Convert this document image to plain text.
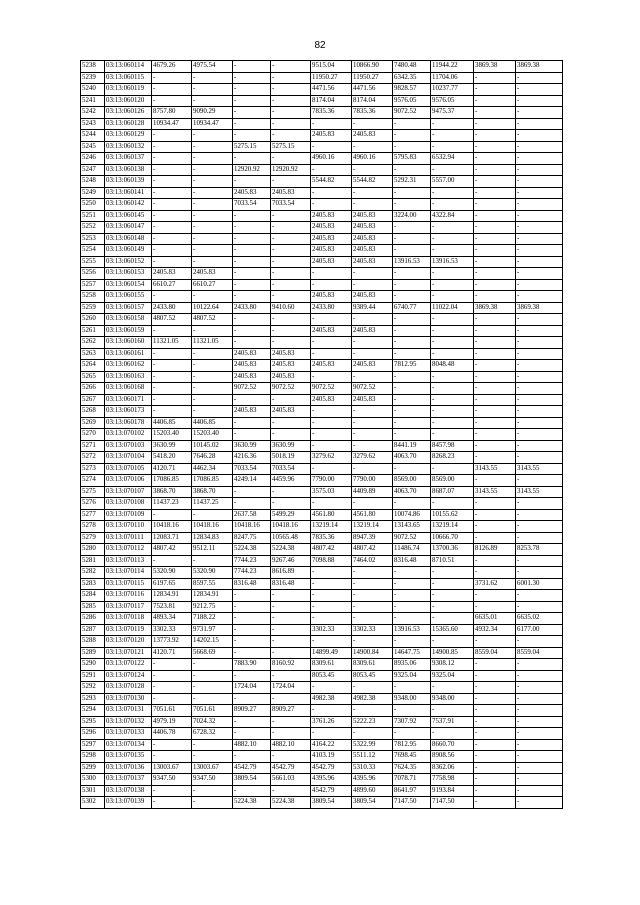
82
5238	03:13:060114	4679.26	4975.54	-	-	9515.04	10866.90	7480.48	11944.22	3869.38	3869.38
5239	03:13:060115	-	-	-	-	11950.27	11950.27	6342.35	11704.06	-	-
5240	03:13:060119	-	-	-	-	4471.56	4471.56	9828.57	10237.77	-	-
5241	03:13:060120	-	-	-	-	8174.04	8174.04	9576.05	9576.05	-	-
5242	03:13:060126	8757.80	9090.29	-	-	7835.36	7835.36	9072.52	9475.37	-	-
5243	03:13:060128	10934.47	10934.47	-	-	-	-	-	-	-	-
5244	03:13:060129	-	-	-	-	2405.83	2405.83	-	-	-	-
5245	03:13:060132	-	-	5275.15	5275.15	-	-	-	-	-	-
5246	03:13:060137	-	-	-	-	4960.16	4960.16	5795.83	6532.94	-	-
5247	03:13:060138	-	-	12920.92	12920.92	-	-	-	-	-	-
5248	03:13:060139	-	-	-	-	5544.82	5544.82	5292.31	5557.00	-	-
5249	03:13:060141	-	-	2405.83	2405.83	-	-	-	-	-	-
5250	03:13:060142	-	-	7033.54	7033.54	-	-	-	-	-	-
5251	03:13:060145	-	-	-	-	2405.83	2405.83	3224.00	4322.84	-	-
5252	03:13:060147	-	-	-	-	2405.83	2405.83	-	-	-	-
5253	03:13:060148	-	-	-	-	2405.83	2405.83	-	-	-	-
5254	03:13:060149	-	-	-	-	2405.83	2405.83	-	-	-	-
5255	03:13:060152	-	-	-	-	2405.83	2405.83	13916.53	13916.53	-	-
5256	03:13:060153	2405.83	2405.83	-	-	-	-	-	-	-	-
5257	03:13:060154	6610.27	6610.27	-	-	-	-	-	-	-	-
5258	03:13:060155	-	-	-	-	2405.83	2405.83	-	-	-	-
5259	03:13:060157	2433.80	10122.64	2433.80	9410.60	2433.80	9389.44	6740.77	11022.04	3869.38	3869.38
5260	03:13:060158	4807.52	4807.52	-	-	-	-	-	-	-	-
5261	03:13:060159	-	-	-	-	2405.83	2405.83	-	-	-	-
5262	03:13:060160	11321.05	11321.05	-	-	-	-	-	-	-	-
5263	03:13:060161	-	-	2405.83	2405.83	-	-	-	-	-	-
5264	03:13:060162	-	-	2405.83	2405.83	2405.83	2405.83	7812.95	8048.48	-	-
5265	03:13:060163	-	-	2405.83	2405.83	-	-	-	-	-	-
5266	03:13:060168	-	-	9072.52	9072.52	9072.52	9072.52	-	-	-	-
5267	03:13:060171	-	-	-	-	2405.83	2405.83	-	-	-	-
5268	03:13:060173	-	-	2405.83	2405.83	-	-	-	-	-	-
5269	03:13:060178	4406.85	4406.85	-	-	-	-	-	-	-	-
5270	03:13:070102	15203.40	15203.40	-	-	-	-	-	-	-	-
5271	03:13:070103	3630.99	10145.02	3630.99	3630.99	-	-	8441.19	8457.98	-	-
5272	03:13:070104	5418.20	7646.28	4216.36	5018.19	3279.62	3279.62	4063.70	8268.23	-	-
5273	03:13:070105	4120.71	4462.34	7033.54	7033.54	-	-	-	-	3143.55	3143.55
5274	03:13:070106	17086.85	17086.85	4249.14	4459.96	7790.00	7790.00	8569.00	8569.00	-	-
5275	03:13:070107	3868.70	3868.70	-	-	3575.03	4409.89	4063.70	8687.07	3143.55	3143.55
5276	03:13:070108	11437.23	11437.25	-	-	-	-	-	-	-	-
5277	03:13:070109	-	-	2637.58	5499.29	4561.80	4561.80	10074.86	10155.62	-	-
5278	03:13:070110	10418.16	10418.16	10418.16	10418.16	13219.14	13219.14	13143.65	13219.14	-	-
5279	03:13:070111	12083.71	12834.83	8247.75	10565.48	7835.36	8947.39	9072.52	10666.70	-	-
5280	03:13:070112	4807.42	9512.11	5224.38	5224.38	4807.42	4807.42	11486.74	13700.36	8126.89	8253.78
5281	03:13:070113	-	-	7744.23	9267.46	7098.88	7464.02	8316.48	8710.51	-	-
5282	03:13:070114	5320.90	5320.90	7744.23	8616.89	-	-	-	-	-	-
5283	03:13:070115	6197.65	8597.55	8316.48	8316.48	-	-	-	-	3731.62	6001.30
5284	03:13:070116	12834.91	12834.91	-	-	-	-	-	-	-	-
5285	03:13:070117	7523.81	9212.75	-	-	-	-	-	-	-	-
5286	03:13:070118	4893.34	7188.22	-	-	-	-	-	-	6635.01	6635.02
5287	03:13:070119	3302.33	9731.97	-	-	3302.33	3302.33	13916.53	15365.60	4932.34	6177.00
5288	03:13:070120	13773.92	14202.15	-	-	-	-	-	-	-	-
5289	03:13:070121	4120.71	5668.69	-	-	14899.49	14900.84	14647.75	14900.85	8559.04	8559.04
5290	03:13:070122	-	-	7883.90	8160.92	8309.61	8309.61	8935.06	9308.12	-	-
5291	03:13:070124	-	-	-	-	8053.45	8053.45	9325.04	9325.04	-	-
5292	03:13:070128	-	-	1724.04	1724.04	-	-	-	-	-	-
5293	03:13:070130	-	-	-	-	4982.38	4982.38	9348.00	9348.00	-	-
5294	03:13:070131	7051.61	7051.61	8909.27	8909.27	-	-	-	-	-	-
5295	03:13:070132	4979.19	7024.32	-	-	3761.26	5222.23	7307.92	7537.91	-	-
5296	03:13:070133	4406.78	6728.32	-	-	-	-	-	-	-	-
5297	03:13:070134	-	-	4882.10	4882.10	4164.22	5322.99	7812.95	8660.70	-	-
5298	03:13:070135	-	-	-	-	4103.19	5511.12	7698.45	8908.56	-	-
5299	03:13:070136	13003.67	13003.67	4542.79	4542.79	4542.79	5310.33	7624.35	8362.06	-	-
5300	03:13:070137	9347.50	9347.50	3809.54	5661.03	4395.96	4395.96	7078.71	7758.98	-	-
5301	03:13:070138	-	-	-	-	4542.79	4899.60	8641.97	9193.84	-	-
5302	03:13:070139	-	-	5224.38	5224.38	3809.54	3809.54	7147.50	7147.50	-	-
